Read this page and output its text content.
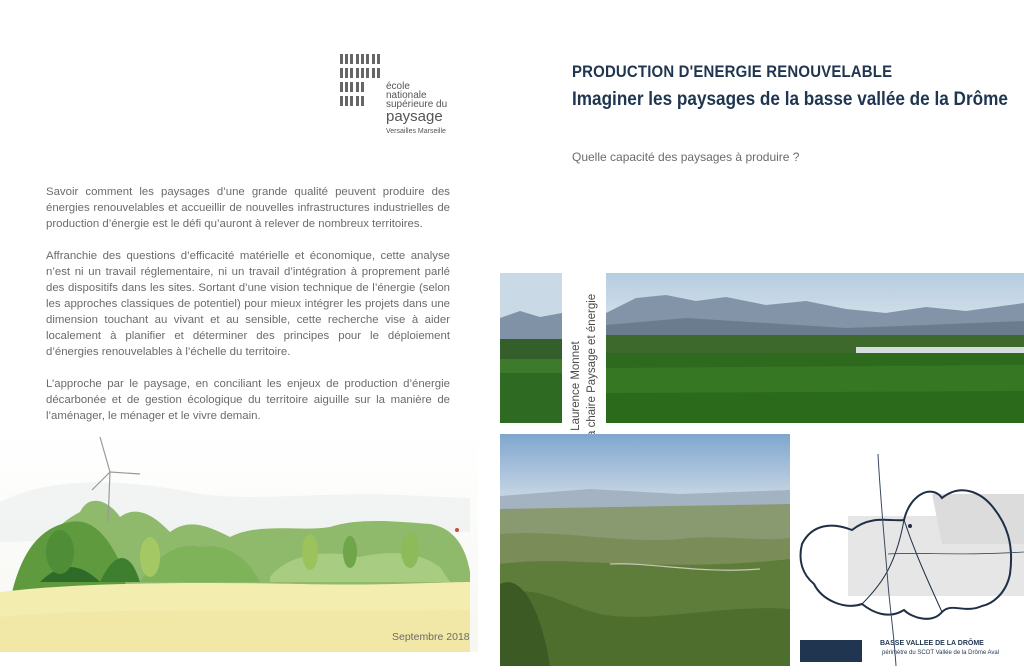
école
nationale
supérieure du
paysage
Versailles Marseille

Savoir comment les paysages d’une grande qualité peuvent produire des énergies renouvelables et accueillir de nouvelles infrastructures industrielles de production d’énergie est le défi qu’auront à relever de nombreux territoires.

Affranchie des questions d’efficacité matérielle et économique, cette analyse n’est ni un travail réglementaire, ni un travail d’intégration à proprement parlé des dispositifs dans les sites. Sortant d’une vision technique de l’énergie (selon les approches classiques de potentiel) pour mieux intégrer les projets dans une dimension touchant au vivant et au sensible, cette recherche vise à aider localement à planifier et déterminer des principes pour le déploiement d’énergies renouvelables à l’échelle du territoire.

L’approche par le paysage, en conciliant les enjeux de production d’énergie décarbonée et de gestion écologique du territoire aiguille sur la manière de l’aménager, le ménager et le vivre demain.

Septembre 2018
PRODUCTION D'ENERGIE RENOUVELABLE
Imaginer les paysages de la basse vallée de la Drôme
Quelle capacité des paysages à produire ?
BASSE VALLEE DE LA DRÔME
périmètre du SCOT Vallée de la Drôme Aval
